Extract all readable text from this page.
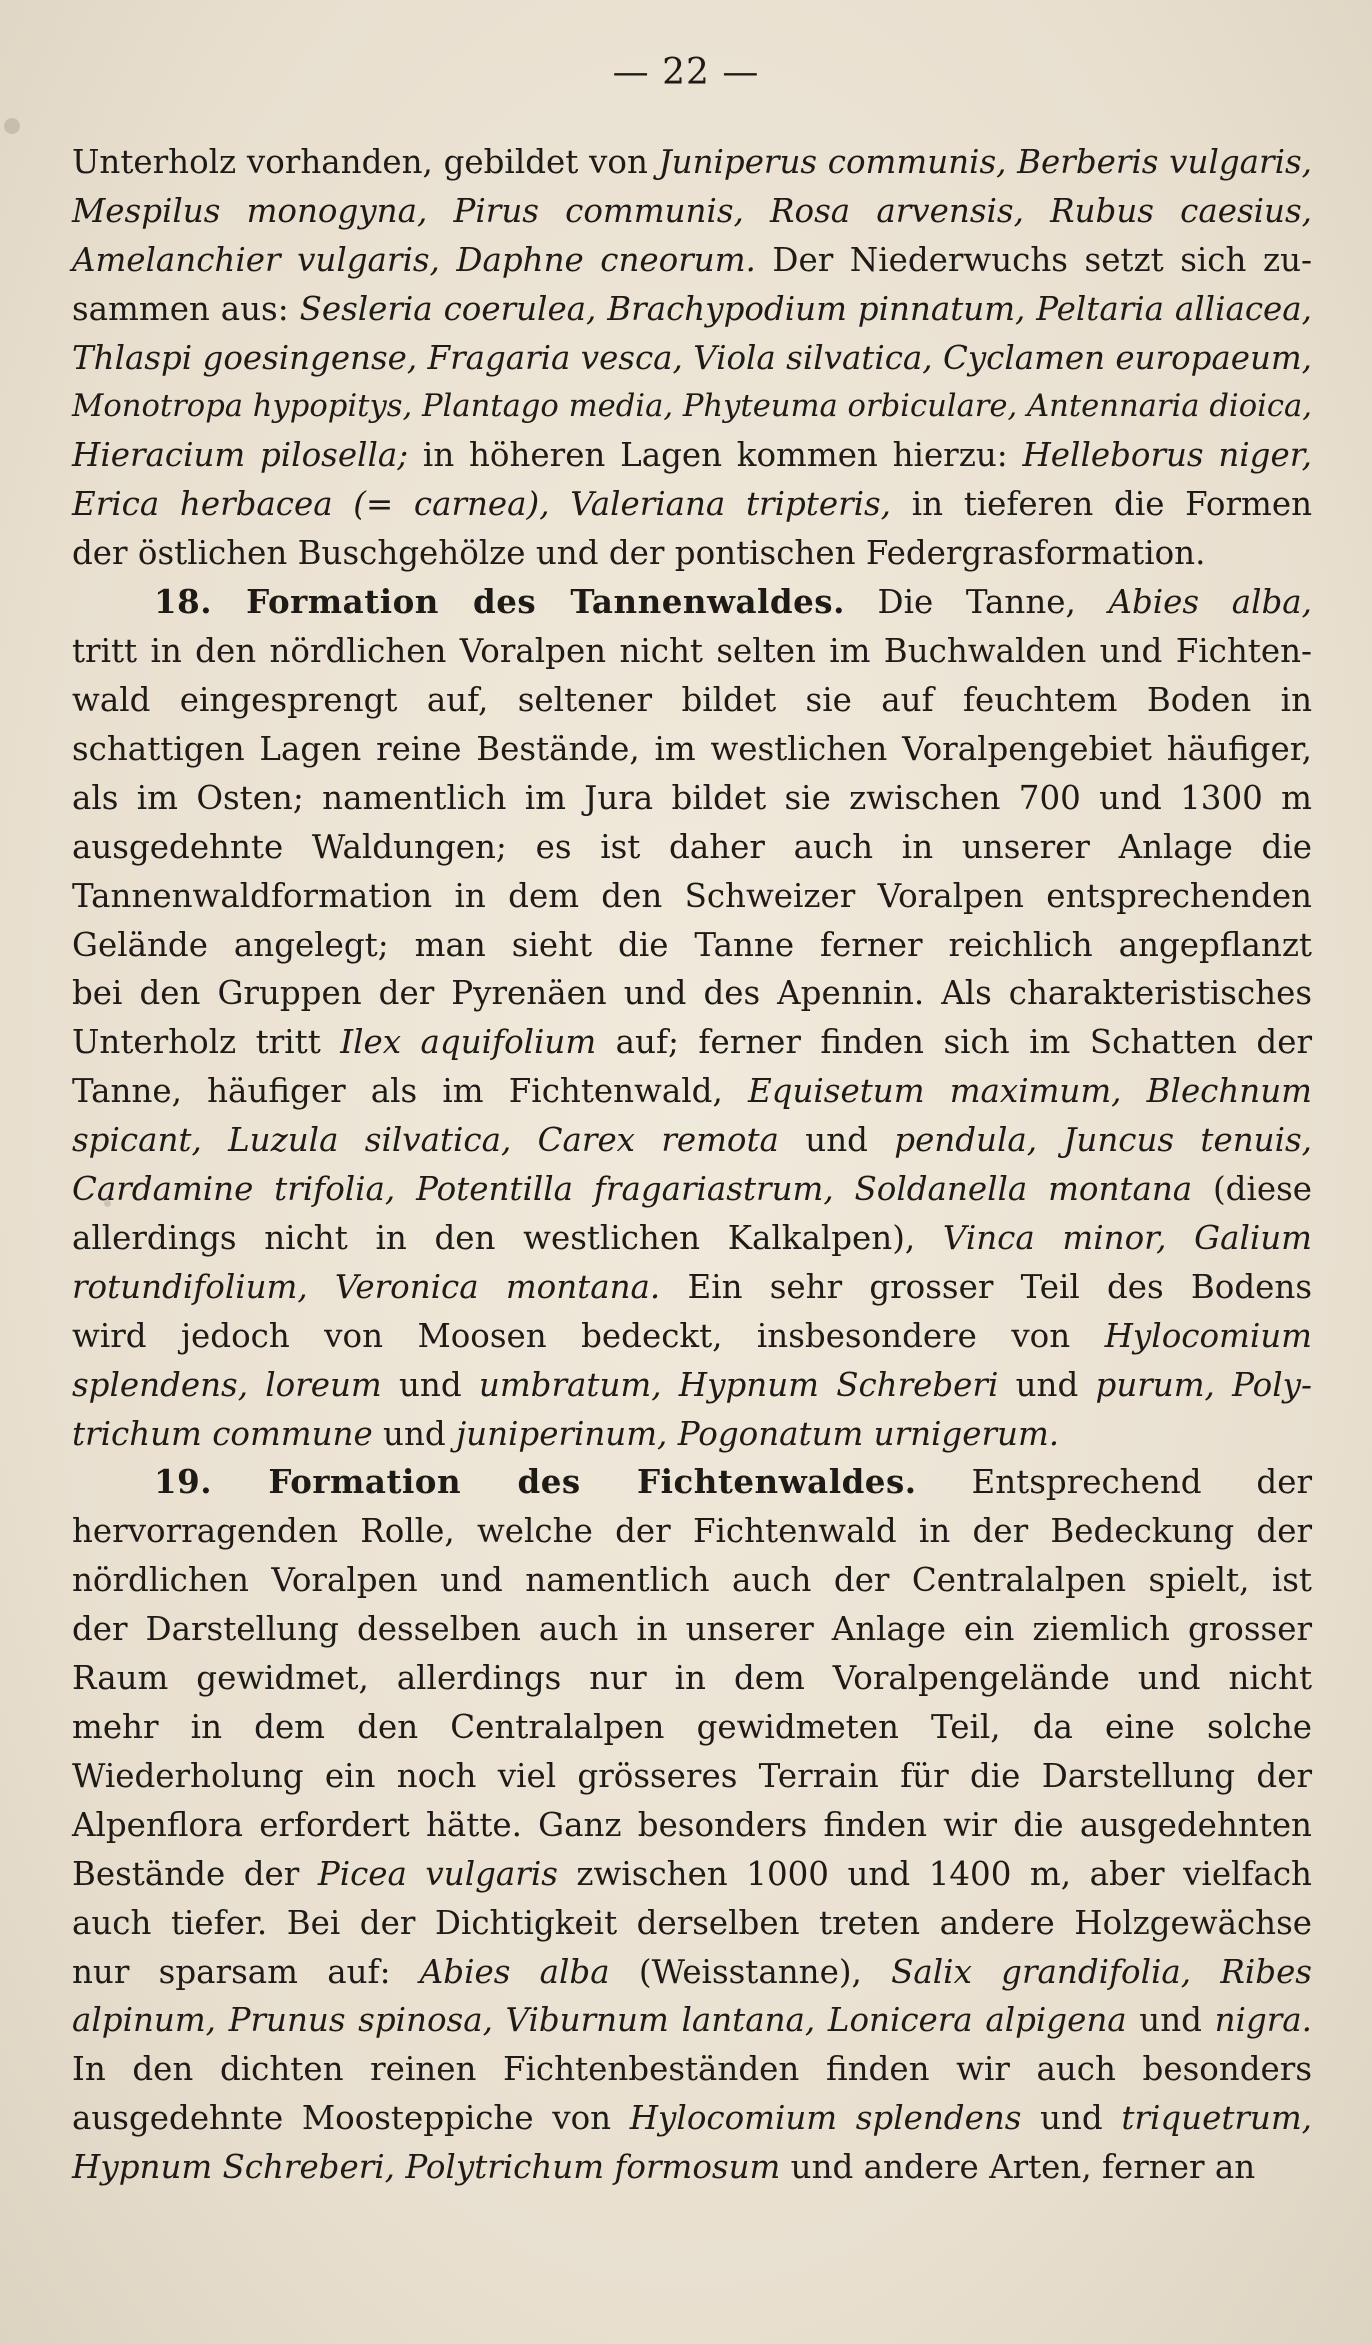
— 22 —

Unterholz vorhanden, gebildet von Juniperus communis, Berberis vulgaris,
Mespilus monogyna, Pirus communis, Rosa arvensis, Rubus caesius,
Amelanchier vulgaris, Daphne cneorum. Der Niederwuchs setzt sich zu-
sammen aus: Sesleria coerulea, Brachypodium pinnatum, Peltaria alliacea,
Thlaspi goesingense, Fragaria vesca, Viola silvatica, Cyclamen europaeum,
Monotropa hypopitys, Plantago media, Phyteuma orbiculare, Antennaria dioica,
Hieracium pilosella; in höheren Lagen kommen hierzu: Helleborus niger,
Erica herbacea (= carnea), Valeriana tripteris, in tieferen die Formen
der östlichen Buschgehölze und der pontischen Federgrasformation.

18. Formation des Tannenwaldes. Die Tanne, Abies alba,
tritt in den nördlichen Voralpen nicht selten im Buchwalden und Fichten-
wald eingesprengt auf, seltener bildet sie auf feuchtem Boden in
schattigen Lagen reine Bestände, im westlichen Voralpengebiet häufiger,
als im Osten; namentlich im Jura bildet sie zwischen 700 und 1300 m
ausgedehnte Waldungen; es ist daher auch in unserer Anlage die
Tannenwaldformation in dem den Schweizer Voralpen entsprechenden
Gelände angelegt; man sieht die Tanne ferner reichlich angepflanzt
bei den Gruppen der Pyrenäen und des Apennin. Als charakteristisches
Unterholz tritt Ilex aquifolium auf; ferner finden sich im Schatten der
Tanne, häufiger als im Fichtenwald, Equisetum maximum, Blechnum
spicant, Luzula silvatica, Carex remota und pendula, Juncus tenuis,
Cardamine trifolia, Potentilla fragariastrum, Soldanella montana (diese
allerdings nicht in den westlichen Kalkalpen), Vinca minor, Galium
rotundifolium, Veronica montana. Ein sehr grosser Teil des Bodens
wird jedoch von Moosen bedeckt, insbesondere von Hylocomium
splendens, loreum und umbratum, Hypnum Schreberi und purum, Poly-
trichum commune und juniperinum, Pogonatum urnigerum.

19. Formation des Fichtenwaldes. Entsprechend der
hervorragenden Rolle, welche der Fichtenwald in der Bedeckung der
nördlichen Voralpen und namentlich auch der Centralalpen spielt, ist
der Darstellung desselben auch in unserer Anlage ein ziemlich grosser
Raum gewidmet, allerdings nur in dem Voralpengelände und nicht
mehr in dem den Centralalpen gewidmeten Teil, da eine solche
Wiederholung ein noch viel grösseres Terrain für die Darstellung der
Alpenflora erfordert hätte. Ganz besonders finden wir die ausgedehnten
Bestände der Picea vulgaris zwischen 1000 und 1400 m, aber vielfach
auch tiefer. Bei der Dichtigkeit derselben treten andere Holzgewächse
nur sparsam auf: Abies alba (Weisstanne), Salix grandifolia, Ribes
alpinum, Prunus spinosa, Viburnum lantana, Lonicera alpigena und nigra.
In den dichten reinen Fichtenbeständen finden wir auch besonders
ausgedehnte Moosteppiche von Hylocomium splendens und triquetrum,
Hypnum Schreberi, Polytrichum formosum und andere Arten, ferner an
